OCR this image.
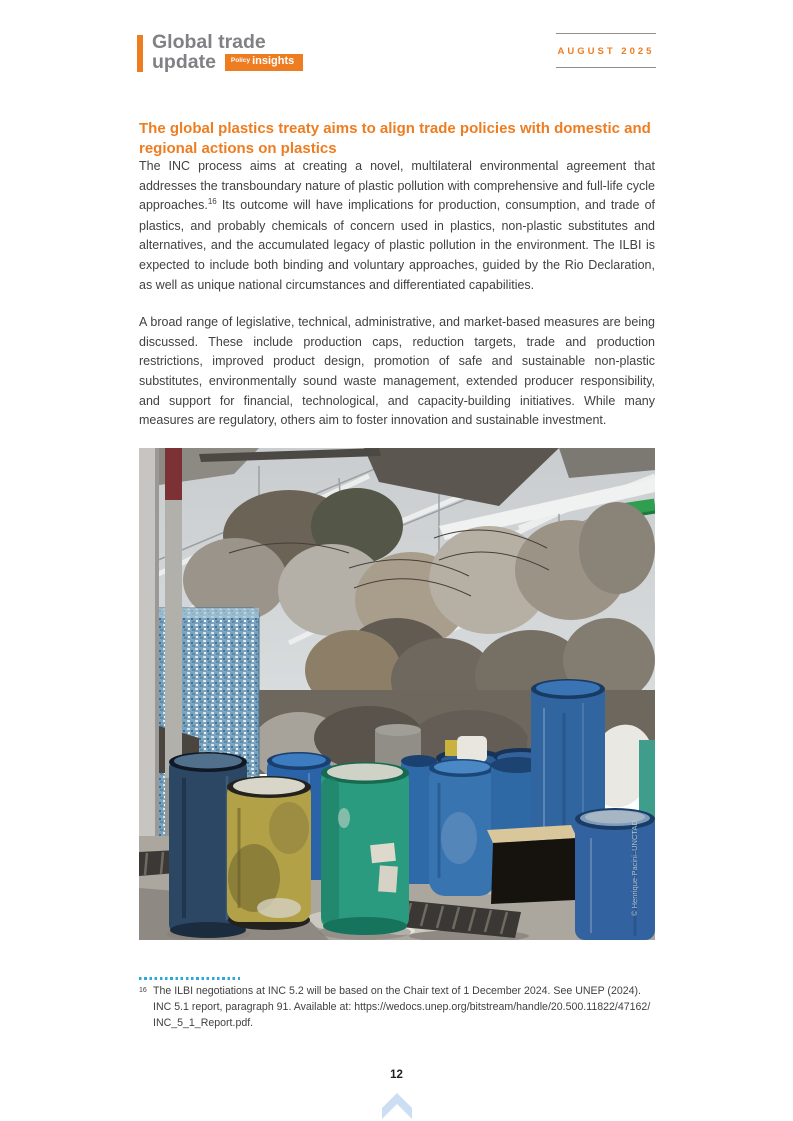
Global trade
update Policy insights
AUGUST 2025
The global plastics treaty aims to align trade policies with domestic and regional actions on plastics

The INC process aims at creating a novel, multilateral environmental agreement that addresses the transboundary nature of plastic pollution with comprehensive and full-life cycle approaches.$^{16}$ Its outcome will have implications for production, consumption, and trade of plastics, and probably chemicals of concern used in plastics, non-plastic substitutes and alternatives, and the accumulated legacy of plastic pollution in the environment. The ILBI is expected to include both binding and voluntary approaches, guided by the Rio Declaration, as well as unique national circumstances and differentiated capabilities.

A broad range of legislative, technical, administrative, and market-based measures are being discussed. These include production caps, reduction targets, trade and production restrictions, improved product design, promotion of safe and sustainable non-plastic substitutes, environmentally sound waste management, extended producer responsibility, and support for financial, technological, and capacity-building initiatives. While many measures are regulatory, others aim to foster innovation and sustainable investment.

© Henrique-Pacini–UNCTAD
16 The ILBI negotiations at INC 5.2 will be based on the Chair text of 1 December 2024. See UNEP (2024).
INC 5.1 report, paragraph 91. Available at: https://wedocs.unep.org/bitstream/handle/20.500.11822/47162/
INC_5_1_Report.pdf.
12
